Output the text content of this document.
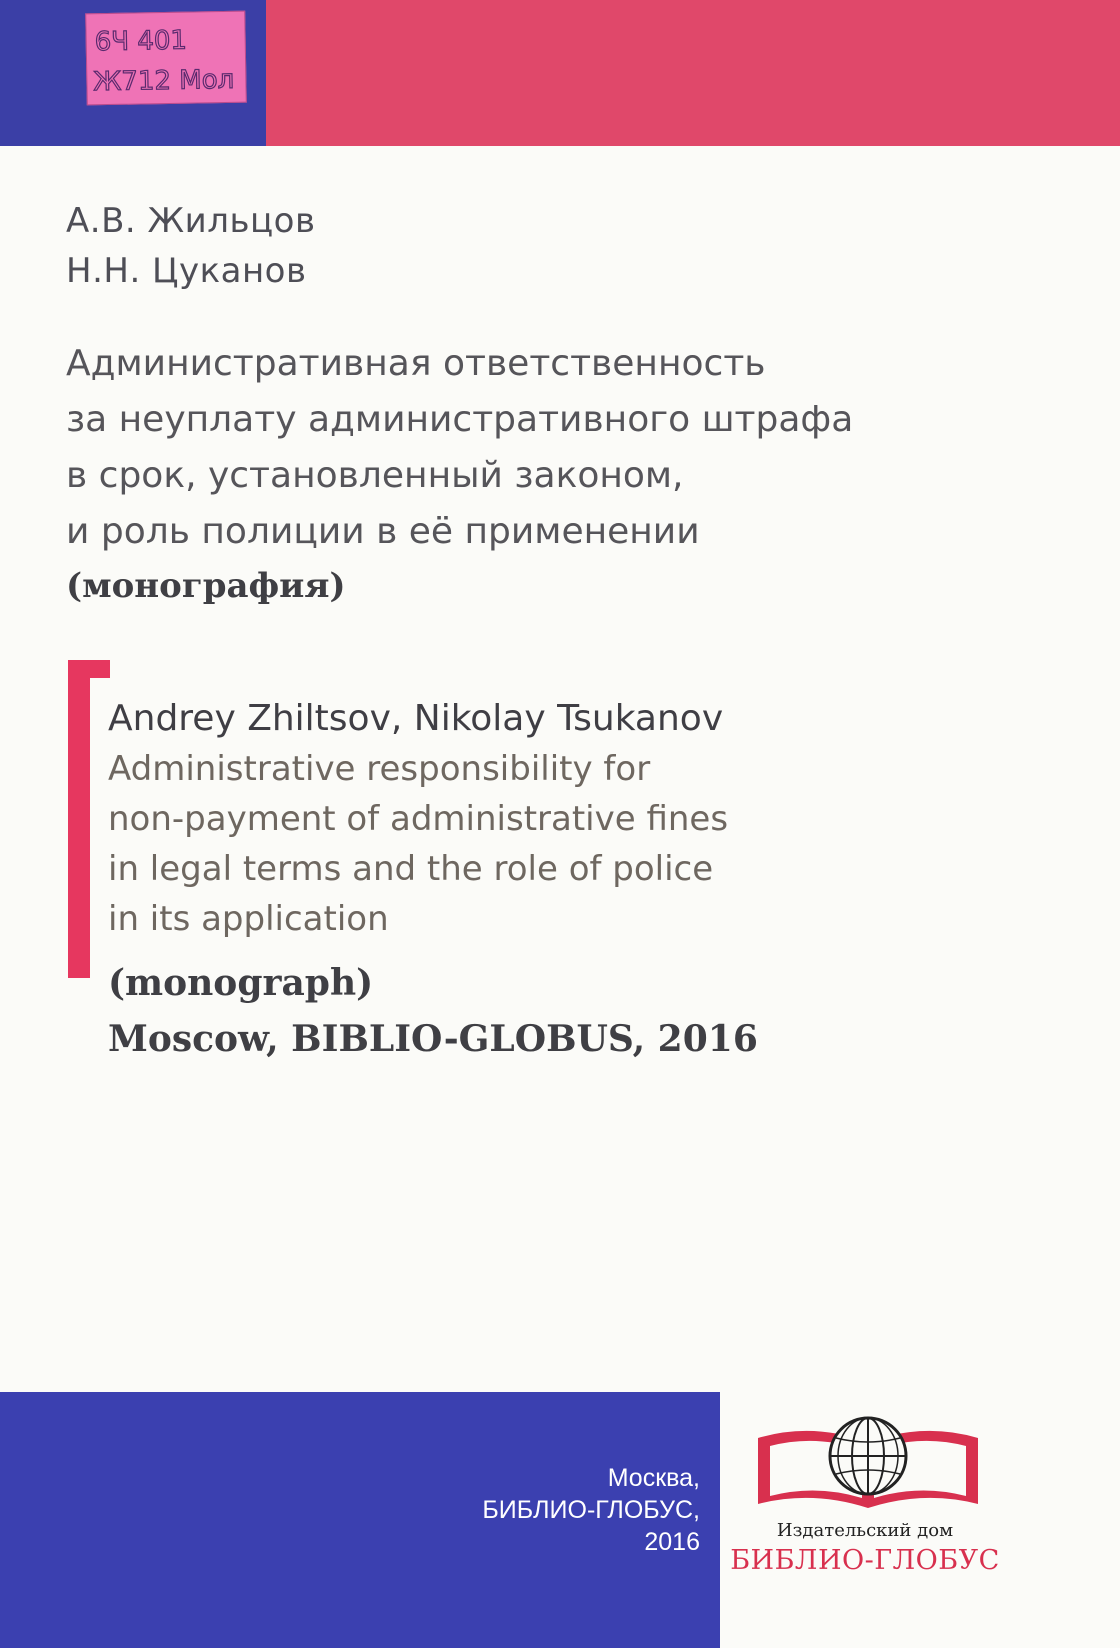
6Ч 401
Ж712 Мол
А.В. Жильцов
Н.Н. Цуканов
Административная ответственность
за неуплату административного штрафа
в срок, установленный законом,
и роль полиции в её применении
(монография)
Andrey Zhiltsov, Nikolay Tsukanov
Administrative responsibility for
non-payment of administrative fines
in legal terms and the role of police
in its application
(monograph)
Moscow, BIBLIO-GLOBUS, 2016
Москва,
БИБЛИО-ГЛОБУС,
2016	Издательский дом
БИБЛИО-ГЛОБУС
